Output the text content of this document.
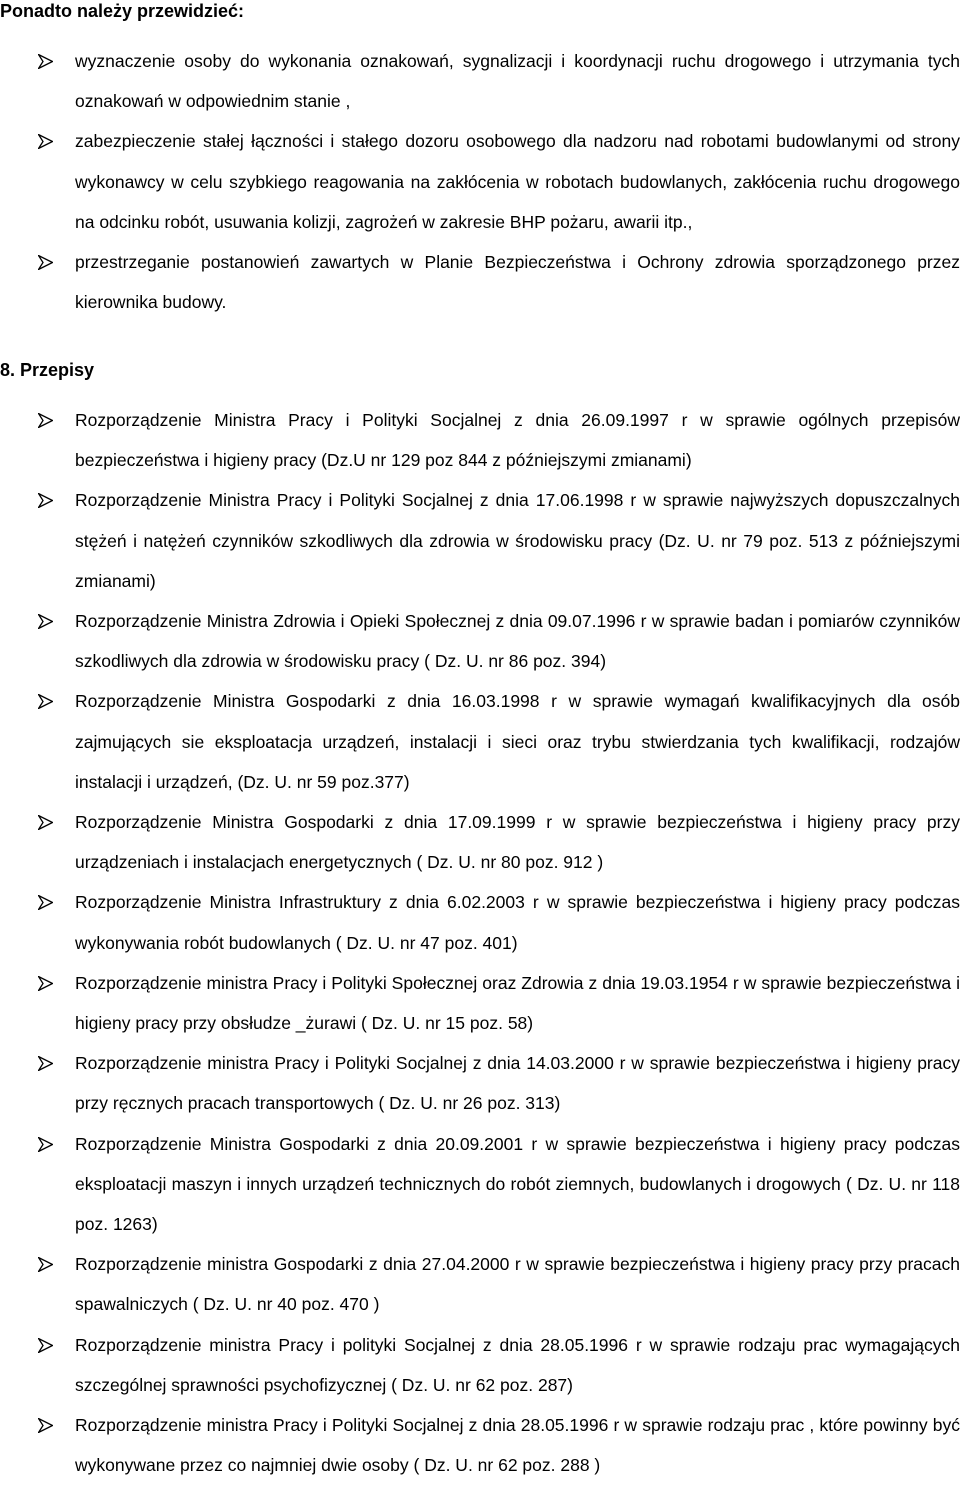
Ponadto należy przewidzieć:
wyznaczenie osoby do wykonania oznakowań, sygnalizacji i koordynacji ruchu drogowego i utrzymania tych oznakowań w odpowiednim stanie ,
zabezpieczenie stałej łączności i stałego dozoru osobowego dla nadzoru nad robotami budowlanymi od strony wykonawcy w celu szybkiego reagowania na zakłócenia w robotach budowlanych, zakłócenia ruchu drogowego na odcinku robót, usuwania kolizji, zagrożeń w zakresie BHP pożaru, awarii itp.,
przestrzeganie postanowień zawartych w Planie Bezpieczeństwa i Ochrony zdrowia sporządzonego przez kierownika budowy.
8. Przepisy
Rozporządzenie Ministra Pracy i Polityki Socjalnej z dnia 26.09.1997 r w sprawie ogólnych przepisów bezpieczeństwa i higieny pracy (Dz.U nr 129 poz 844 z późniejszymi zmianami)
Rozporządzenie Ministra Pracy i Polityki Socjalnej z dnia 17.06.1998 r w sprawie najwyższych dopuszczalnych stężeń i natężeń czynników szkodliwych dla zdrowia w środowisku pracy (Dz. U. nr 79 poz. 513 z późniejszymi zmianami)
Rozporządzenie Ministra Zdrowia i Opieki Społecznej z dnia 09.07.1996 r w sprawie badan i pomiarów czynników szkodliwych dla zdrowia w środowisku pracy ( Dz. U. nr 86 poz. 394)
Rozporządzenie Ministra Gospodarki z dnia 16.03.1998 r w sprawie wymagań kwalifikacyjnych dla osób zajmujących sie eksploatacja urządzeń, instalacji i sieci oraz trybu stwierdzania tych kwalifikacji, rodzajów instalacji i urządzeń, (Dz. U. nr 59 poz.377)
Rozporządzenie Ministra Gospodarki z dnia 17.09.1999 r w sprawie bezpieczeństwa i higieny pracy przy urządzeniach i instalacjach energetycznych ( Dz. U. nr 80 poz. 912 )
Rozporządzenie Ministra Infrastruktury z dnia 6.02.2003 r w sprawie bezpieczeństwa i higieny pracy podczas wykonywania robót budowlanych ( Dz. U. nr 47 poz. 401)
Rozporządzenie ministra Pracy i Polityki Społecznej oraz Zdrowia z dnia 19.03.1954 r w sprawie bezpieczeństwa i higieny pracy przy obsłudze _żurawi ( Dz. U. nr 15 poz. 58)
Rozporządzenie ministra Pracy i Polityki Socjalnej z dnia 14.03.2000 r w sprawie bezpieczeństwa i higieny pracy przy ręcznych pracach transportowych ( Dz. U. nr 26 poz. 313)
Rozporządzenie Ministra Gospodarki z dnia 20.09.2001 r w sprawie bezpieczeństwa i higieny pracy podczas eksploatacji maszyn i innych urządzeń technicznych do robót ziemnych, budowlanych i drogowych ( Dz. U. nr 118 poz. 1263)
Rozporządzenie ministra Gospodarki z dnia 27.04.2000 r w sprawie bezpieczeństwa i higieny pracy przy pracach spawalniczych ( Dz. U. nr 40 poz. 470 )
Rozporządzenie ministra Pracy i polityki Socjalnej z dnia 28.05.1996 r w sprawie rodzaju prac wymagających szczególnej sprawności psychofizycznej ( Dz. U. nr 62 poz. 287)
Rozporządzenie ministra Pracy i Polityki Socjalnej z dnia 28.05.1996 r w sprawie rodzaju prac , które powinny być wykonywane przez co najmniej dwie osoby ( Dz. U. nr 62 poz. 288 )
